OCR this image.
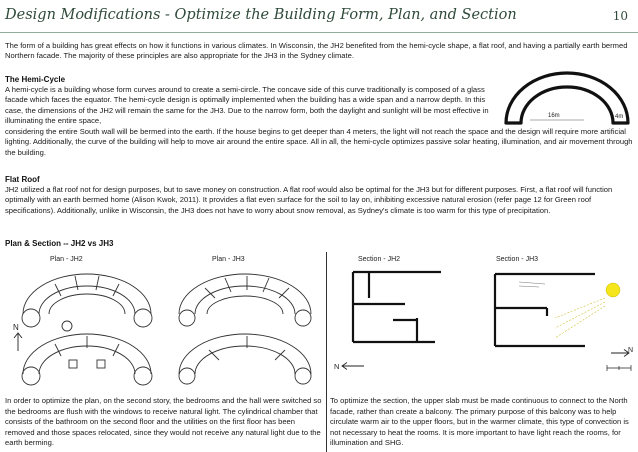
Design Modifications - Optimize the Building Form, Plan, and Section	10
The form of a building has great effects on how it functions in various climates. In Wisconsin, the JH2 benefited from the hemi-cycle shape, a flat roof, and having a partially earth bermed Northern facade. The majority of these principles are also appropriate for the JH3 in the Sydney climate.
The Hemi-Cycle
A hemi-cycle is a building whose form curves around to create a semi-circle. The concave side of this curve traditionally is composed of a glass facade which faces the equator. The hemi-cycle design is optimally implemented when the building has a wide span and a narrow depth. In this case, the dimensions of the JH2 will remain the same for the JH3. Due to the narrow form, both the daylight and sunlight will be most effective in illuminating the entire space,
considering the entire South wall will be bermed into the earth. If the house begins to get deeper than 4 meters, the light will not reach the space and the design will require more artificial lighting. Additionally, the curve of the building will help to move air around the entire space. All in all, the hemi-cycle optimizes passive solar heating, illumination, and air movement through the building.
16m	4m
Flat Roof
JH2 utilized a flat roof not for design purposes, but to save money on construction. A flat roof would also be optimal for the JH3 but for different purposes. First, a flat roof will function optimally with an earth bermed home (Alison Kwok, 2011). It provides a flat even surface for the soil to lay on, inhibiting excessive natural erosion (refer page 12 for Green roof specifications). Additionally, unlike in Wisconsin, the JH3 does not have to worry about snow removal, as Sydney's climate is too warm for this type of precipitation.
Plan & Section -- JH2 vs JH3
Plan - JH2	Plan - JH3	Section - JH2	Section - JH3
N
N
N
In order to optimize the plan, on the second story, the bedrooms and the hall were switched so the bedrooms are flush with the windows to receive natural light. The cylindrical chamber that consists of the bathroom on the second floor and the utilities on the first floor has been removed and those spaces relocated, since they would not receive any natural light due to the earth berming.
To optimize the section, the upper slab must be made continuous to connect to the North facade, rather than create a balcony. The primary purpose of this balcony was to help circulate warm air to the upper floors, but in the warmer climate, this type of convection is not necessary to heat the rooms. It is more important to have light reach the rooms, for illumination and SHG.
